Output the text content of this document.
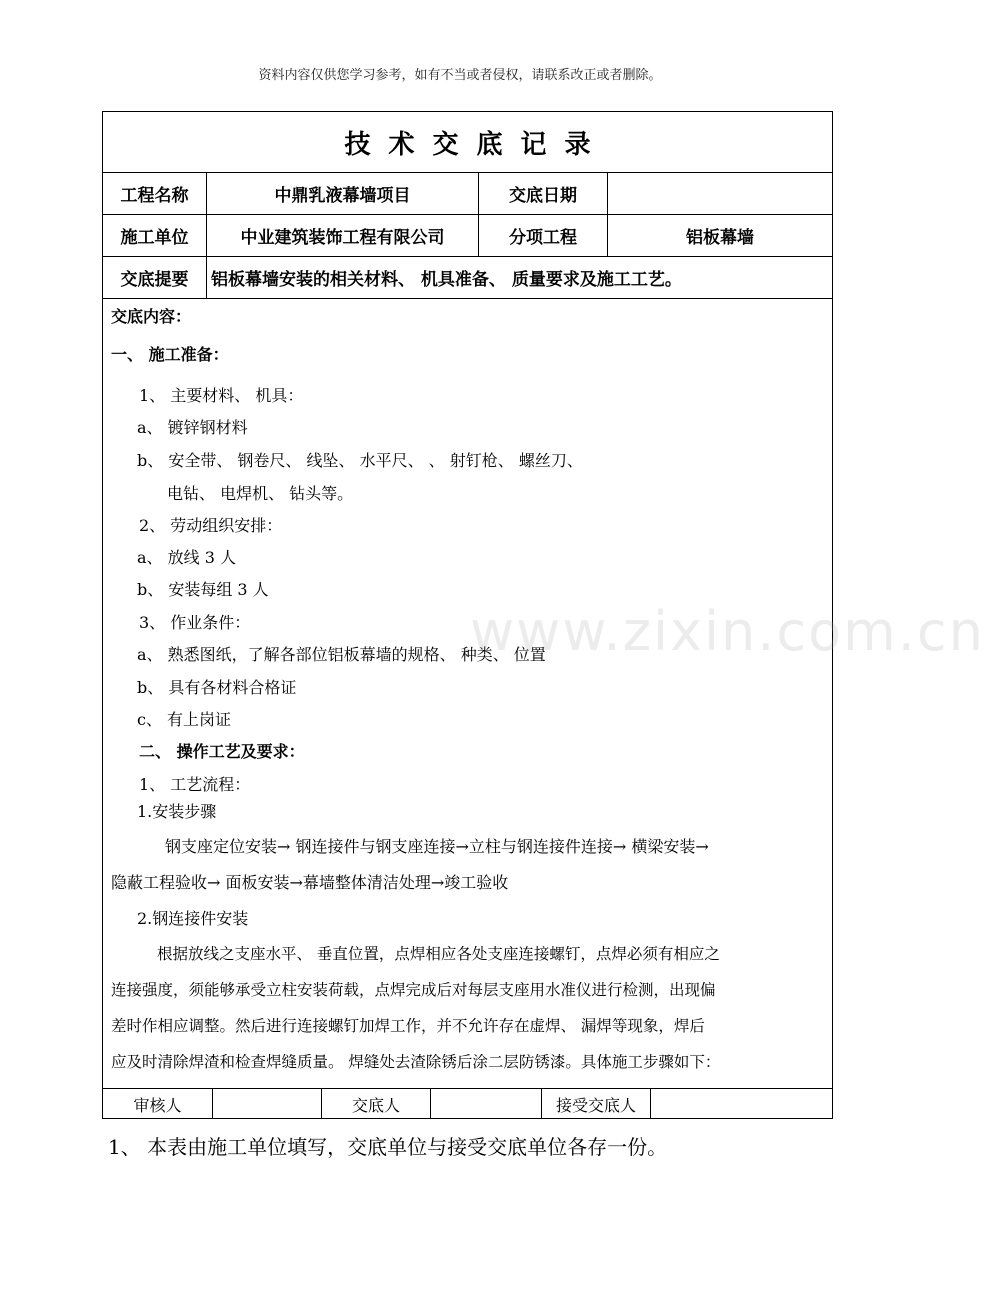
资料内容仅供您学习参考，如有不当或者侵权，请联系改正或者删除。
技术交底记录
工程名称	中鼎乳液幕墙项目	交底日期
施工单位	中业建筑装饰工程有限公司	分项工程	铝板幕墙
交底提要	铝板幕墙安装的相关材料、 机具准备、 质量要求及施工工艺。
交底内容：
一、 施工准备：
1、 主要材料、 机具：
a、 镀锌钢材料
b、 安全带、 钢卷尺、 线坠、 水平尺、 、 射钉枪、 螺丝刀、
电钻、 电焊机、 钻头等。
2、 劳动组织安排：
a、 放线 3 人
b、 安装每组 3 人
3、 作业条件：
a、 熟悉图纸，了解各部位铝板幕墙的规格、 种类、 位置
b、 具有各材料合格证
c、 有上岗证
二、 操作工艺及要求：
1、 工艺流程：
1.安装步骤
钢支座定位安装→ 钢连接件与钢支座连接→立柱与钢连接件连接→ 横梁安装→
隐蔽工程验收→ 面板安装→幕墙整体清洁处理→竣工验收
2.钢连接件安装
根据放线之支座水平、 垂直位置，点焊相应各处支座连接螺钉，点焊必须有相应之
连接强度，须能够承受立柱安装荷载，点焊完成后对每层支座用水准仪进行检测，出现偏
差时作相应调整。然后进行连接螺钉加焊工作，并不允许存在虚焊、 漏焊等现象，焊后
应及时清除焊渣和检查焊缝质量。 焊缝处去渣除锈后涂二层防锈漆。具体施工步骤如下：
审核人	交底人	接受交底人
www.zixin.com.cn
1、 本表由施工单位填写，交底单位与接受交底单位各存一份。
